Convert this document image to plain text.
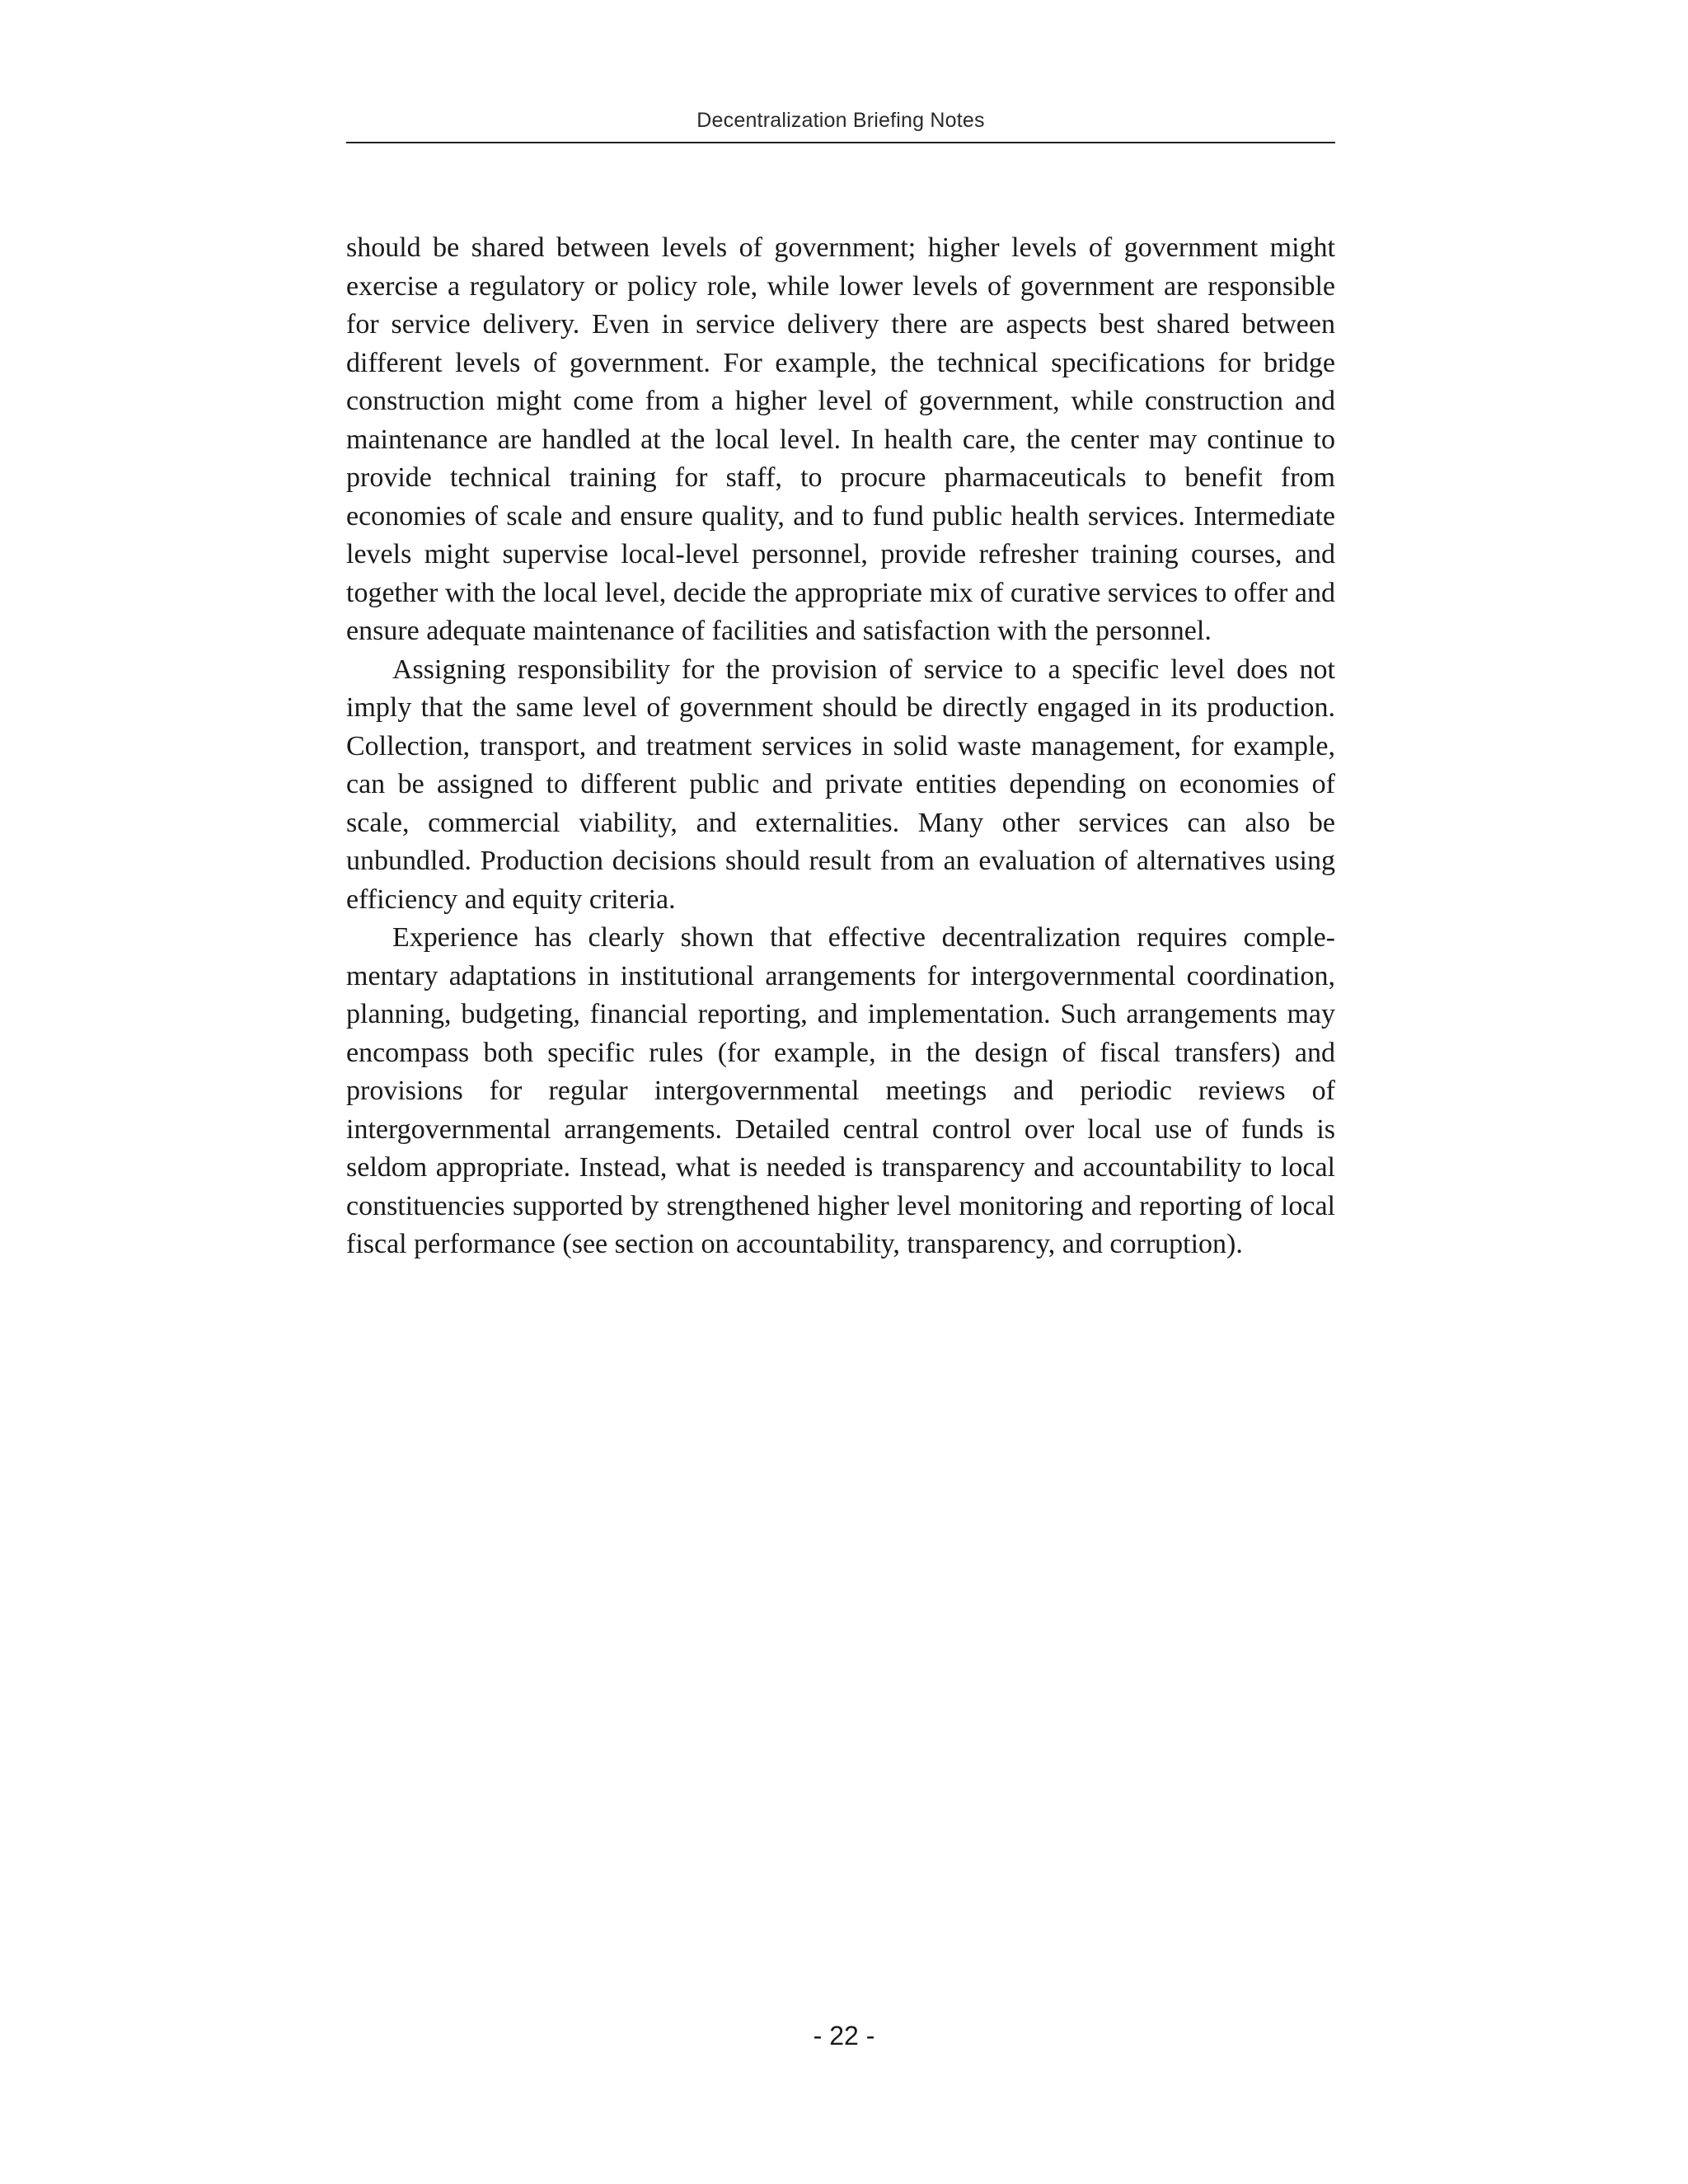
Decentralization Briefing Notes

should be shared between levels of government; higher levels of government might exercise a regulatory or policy role, while lower levels of government are responsible for service delivery. Even in service delivery there are aspects best shared between different levels of government. For example, the technical specifications for bridge construction might come from a higher level of government, while construction and maintenance are handled at the local level. In health care, the center may continue to provide technical training for staff, to procure pharmaceuticals to benefit from economies of scale and ensure quality, and to fund public health services. Intermediate levels might supervise local-level personnel, provide refresher training courses, and together with the local level, decide the appropriate mix of curative services to offer and ensure adequate maintenance of facilities and satisfaction with the personnel.

Assigning responsibility for the provision of service to a specific level does not imply that the same level of government should be directly engaged in its production. Collection, transport, and treatment services in solid waste management, for example, can be assigned to different public and private entities depending on economies of scale, commercial viability, and externalities. Many other services can also be unbundled. Production decisions should result from an evaluation of alternatives using efficiency and equity criteria.

Experience has clearly shown that effective decentralization requires complementary adaptations in institutional arrangements for intergovernmental coordination, planning, budgeting, financial reporting, and implementation. Such arrangements may encompass both specific rules (for example, in the design of fiscal transfers) and provisions for regular intergovernmental meetings and periodic reviews of intergovernmental arrangements. Detailed central control over local use of funds is seldom appropriate. Instead, what is needed is transparency and accountability to local constituencies supported by strengthened higher level monitoring and reporting of local fiscal performance (see section on accountability, transparency, and corruption).

- 22 -
